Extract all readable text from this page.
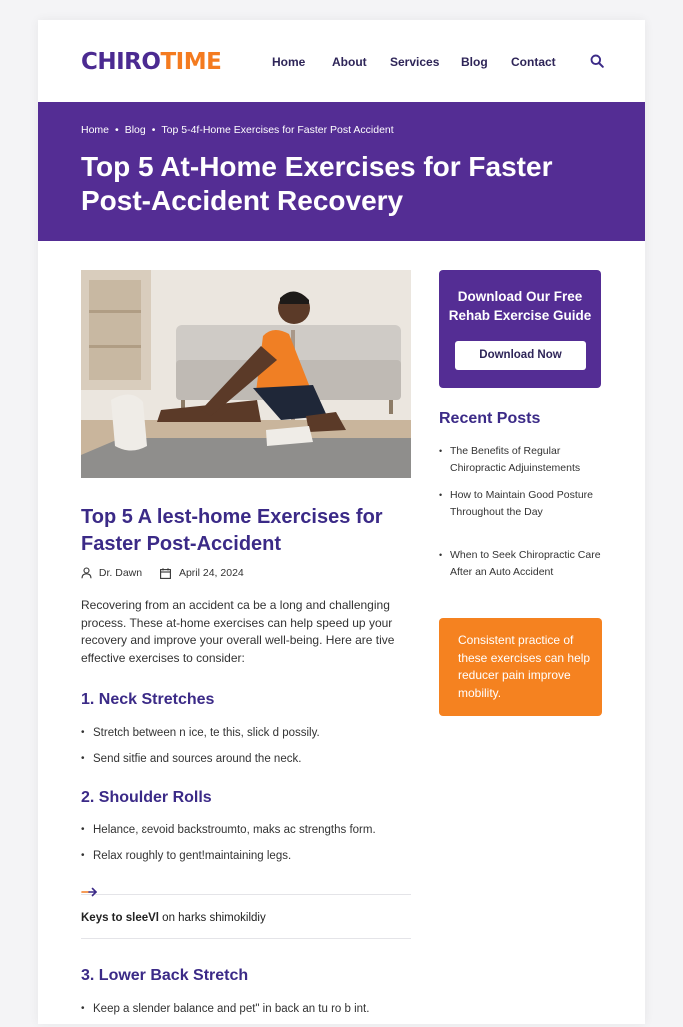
CHIROTIME	Home About Services Blog Contact
Home • Blog • Top 5-4f-Home Exercises for Faster Post Accident
Top 5 At-Home Exercises for Faster Post-Accident Recovery
Top 5 A lest-home Exercises for Faster Post-Accident
Dr. Dawn	April 24, 2024

Recovering from an accident ca be a long and challenging process. These at-home exercises can help speed up your recovery and improve your overall well-being. Here are tive effective exercises to consider:

1. Neck Stretches
• Stretch between n ice, te this, slick d possily.
• Send sitfie and sources around the neck.
2. Shoulder Rolls
• Helance, ɛevoid backstroumto, maks ac strengths form.
• Relax roughly to gent!maintaining legs.
Keys to sleeVl on harks shimokildiy
3. Lower Back Stretch
• Keep a slender balance and pet" in back an tu ro b int.
Download Our Free
Rehab Exercise Guide
Download Now
Recent Posts
• The Benefits of Regular Chiropractic Adjuinstements
• How to Maintain Good Posture Throughout the Day
• When to Seek Chiropractic Care After an Auto Accident
Consistent practice of these exercises can help reducer pain improve mobility.
